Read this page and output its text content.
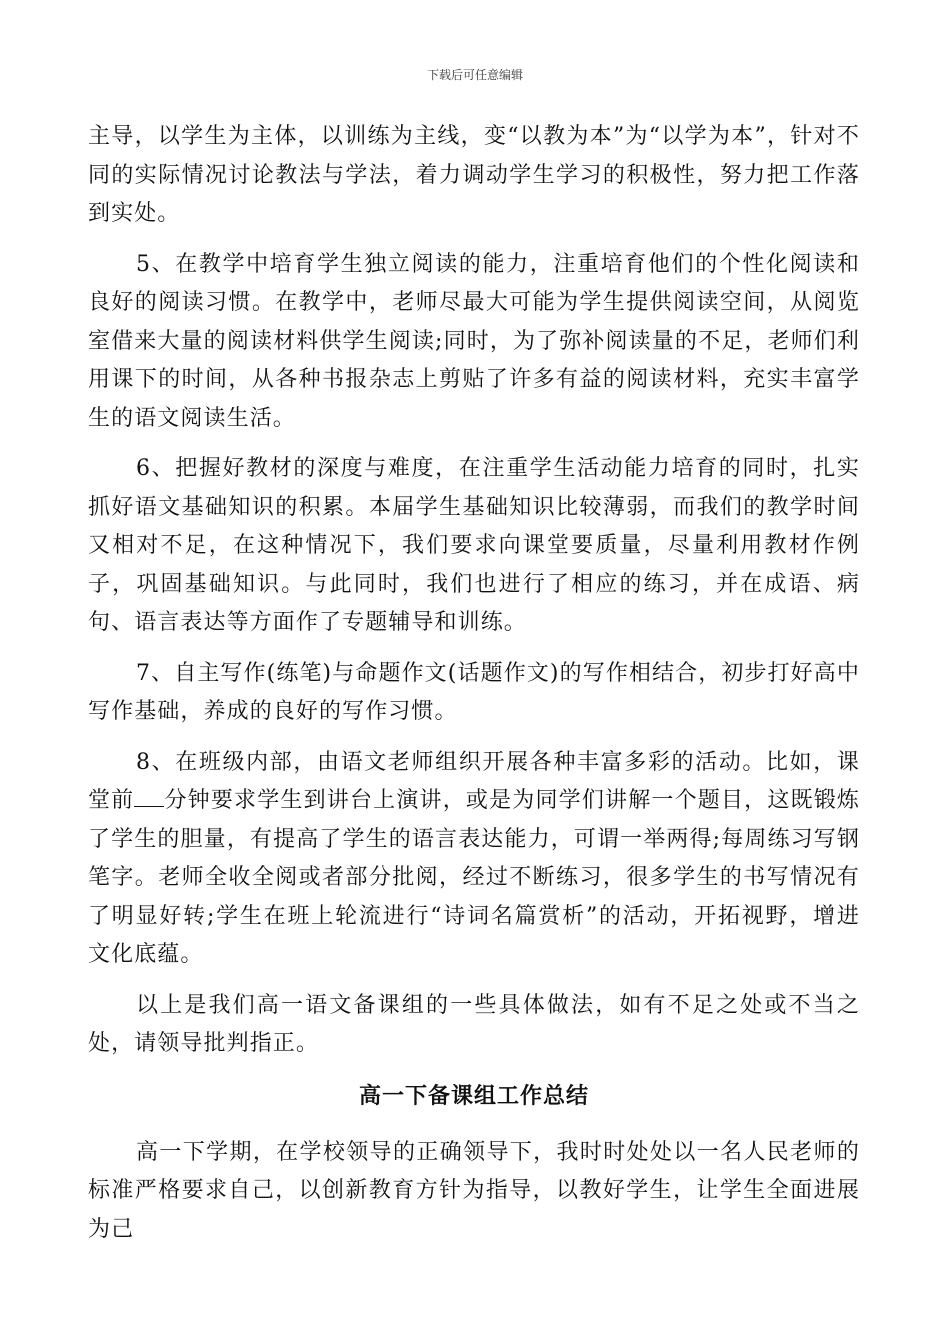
下载后可任意编辑

主导，以学生为主体，以训练为主线，变“以教为本”为“以学为本”，针对不同的实际情况讨论教法与学法，着力调动学生学习的积极性，努力把工作落到实处。

5、在教学中培育学生独立阅读的能力，注重培育他们的个性化阅读和良好的阅读习惯。在教学中，老师尽最大可能为学生提供阅读空间，从阅览室借来大量的阅读材料供学生阅读;同时，为了弥补阅读量的不足，老师们利用课下的时间，从各种书报杂志上剪贴了许多有益的阅读材料，充实丰富学生的语文阅读生活。

6、把握好教材的深度与难度，在注重学生活动能力培育的同时，扎实抓好语文基础知识的积累。本届学生基础知识比较薄弱，而我们的教学时间又相对不足，在这种情况下，我们要求向课堂要质量，尽量利用教材作例子，巩固基础知识。与此同时，我们也进行了相应的练习，并在成语、病句、语言表达等方面作了专题辅导和训练。

7、自主写作(练笔)与命题作文(话题作文)的写作相结合，初步打好高中写作基础，养成的良好的写作习惯。

8、在班级内部，由语文老师组织开展各种丰富多彩的活动。比如，课堂前 分钟要求学生到讲台上演讲，或是为同学们讲解一个题目，这既锻炼了学生的胆量，有提高了学生的语言表达能力，可谓一举两得;每周练习写钢笔字。老师全收全阅或者部分批阅，经过不断练习，很多学生的书写情况有了明显好转;学生在班上轮流进行“诗词名篇赏析”的活动，开拓视野，增进文化底蕴。

以上是我们高一语文备课组的一些具体做法，如有不足之处或不当之处，请领导批判指正。

高一下备课组工作总结

高一下学期，在学校领导的正确领导下，我时时处处以一名人民老师的标准严格要求自己，以创新教育方针为指导，以教好学生，让学生全面进展为己
